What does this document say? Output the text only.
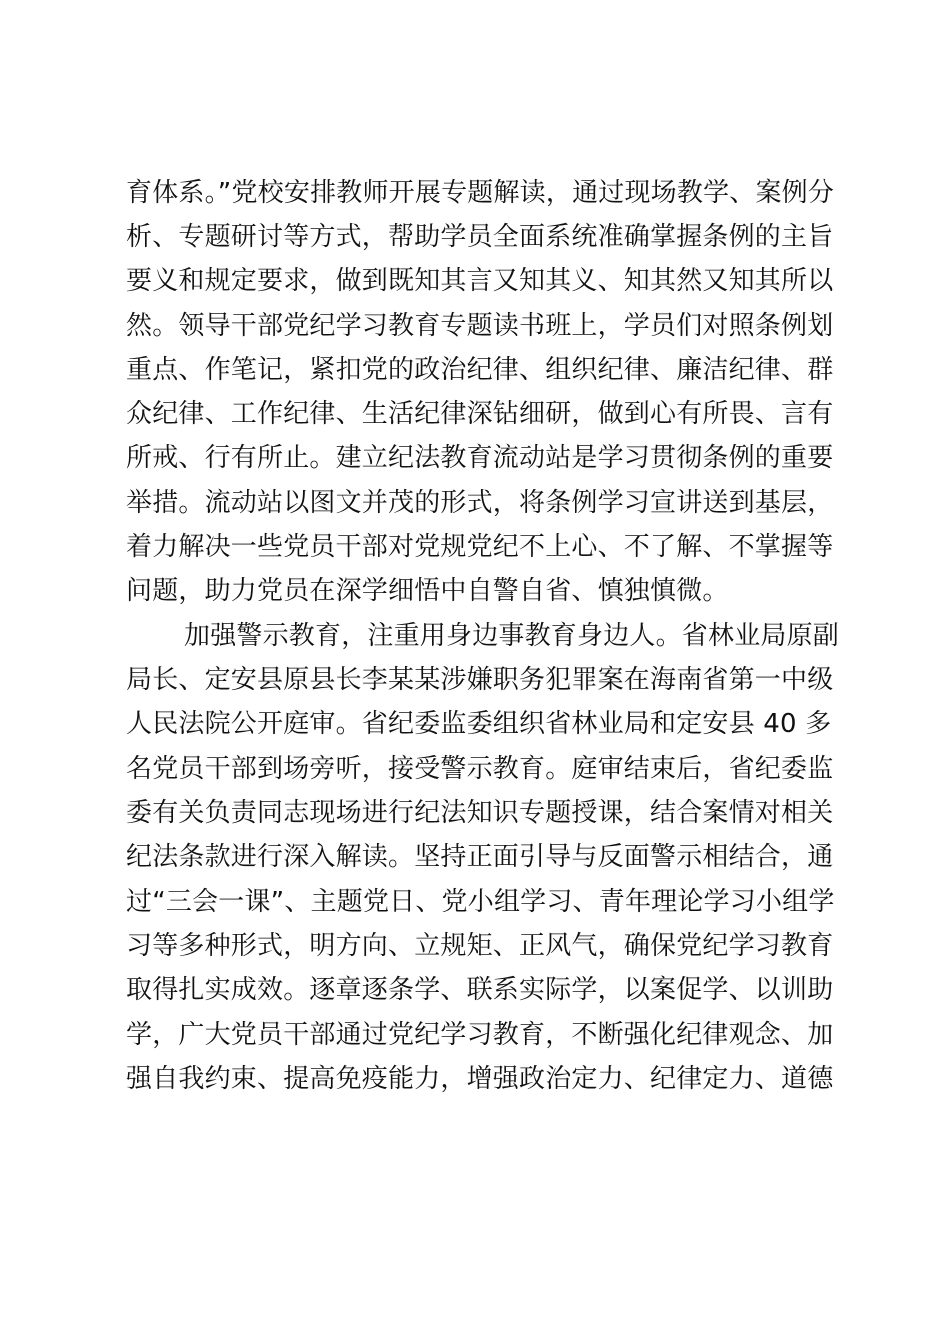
育体系。”党校安排教师开展专题解读，通过现场教学、案例分
析、专题研讨等方式，帮助学员全面系统准确掌握条例的主旨
要义和规定要求，做到既知其言又知其义、知其然又知其所以
然。领导干部党纪学习教育专题读书班上，学员们对照条例划
重点、作笔记，紧扣党的政治纪律、组织纪律、廉洁纪律、群
众纪律、工作纪律、生活纪律深钻细研，做到心有所畏、言有
所戒、行有所止。建立纪法教育流动站是学习贯彻条例的重要
举措。流动站以图文并茂的形式，将条例学习宣讲送到基层，
着力解决一些党员干部对党规党纪不上心、不了解、不掌握等
问题，助力党员在深学细悟中自警自省、慎独慎微。
加强警示教育，注重用身边事教育身边人。省林业局原副
局长、定安县原县长李某某涉嫌职务犯罪案在海南省第一中级
人民法院公开庭审。省纪委监委组织省林业局和定安县 40 多
名党员干部到场旁听，接受警示教育。庭审结束后，省纪委监
委有关负责同志现场进行纪法知识专题授课，结合案情对相关
纪法条款进行深入解读。坚持正面引导与反面警示相结合，通
过“三会一课”、主题党日、党小组学习、青年理论学习小组学
习等多种形式，明方向、立规矩、正风气，确保党纪学习教育
取得扎实成效。逐章逐条学、联系实际学，以案促学、以训助
学，广大党员干部通过党纪学习教育，不断强化纪律观念、加
强自我约束、提高免疫能力，增强政治定力、纪律定力、道德
